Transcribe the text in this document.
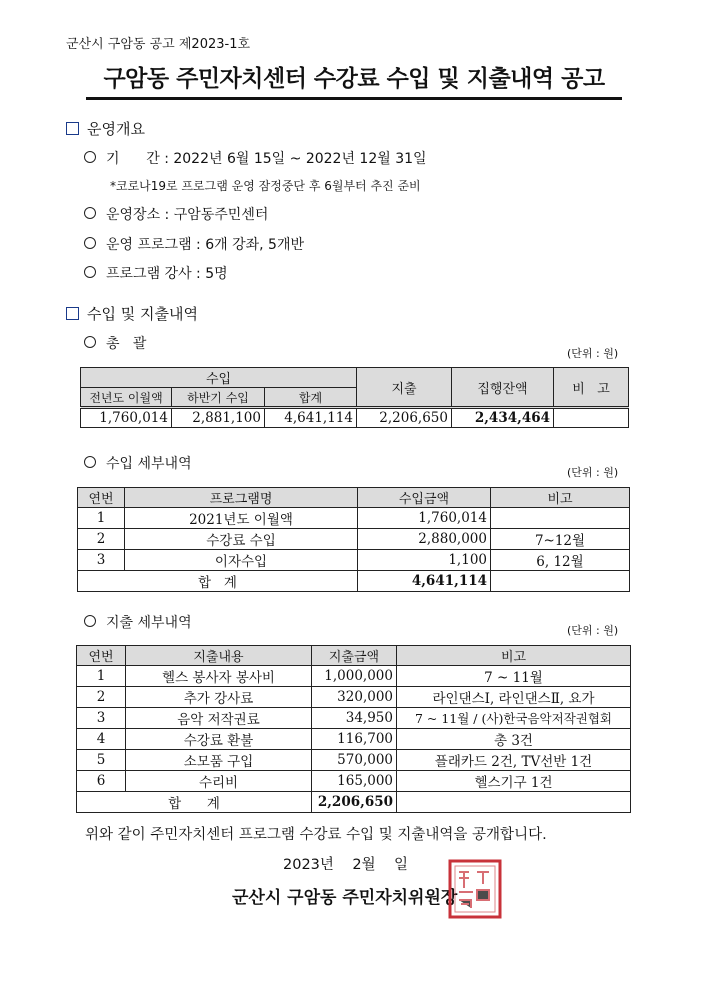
군산시 구암동 공고 제2023-1호
구암동 주민자치센터 수강료 수입 및 지출내역 공고
운영개요
기      간 : 2022년 6월 15일 ~ 2022년 12월 31일
*코로나19로 프로그램 운영 잠정중단 후 6월부터 추진 준비
운영장소 : 구암동주민센터
운영 프로그램 : 6개 강좌, 5개반
프로그램 강사 : 5명
수입 및 지출내역
총   괄
(단위 : 원)
수입			지출	집행잔액	비   고
전년도 이월액	하반기 수입	합계			
1,760,014	2,881,100	4,641,114	2,206,650	2,434,464	
수입 세부내역
(단위 : 원)
연번	프로그램명	수입금액	비고
1	2021년도 이월액	1,760,014	
2	수강료 수입	2,880,000	7~12월
3	이자수입	1,100	6, 12월
합   계		4,641,114	
지출 세부내역	(단위 : 원)
연번	지출내용	지출금액	비고
1	헬스 봉사자 봉사비	1,000,000	7 ~ 11월
2	추가 강사료	320,000	라인댄스Ⅰ, 라인댄스Ⅱ, 요가
3	음악 저작권료	34,950	7 ~ 11월 / (사)한국음악저작권협회
4	수강료 환불	116,700	총 3건
5	소모품 구입	570,000	플래카드 2건, TV선반 1건
6	수리비	165,000	헬스기구 1건
합      계		2,206,650	
위와 같이 주민자치센터 프로그램 수강료 수입 및 지출내역을 공개합니다.
2023년    2월    일
군산시 구암동 주민자치위원장
